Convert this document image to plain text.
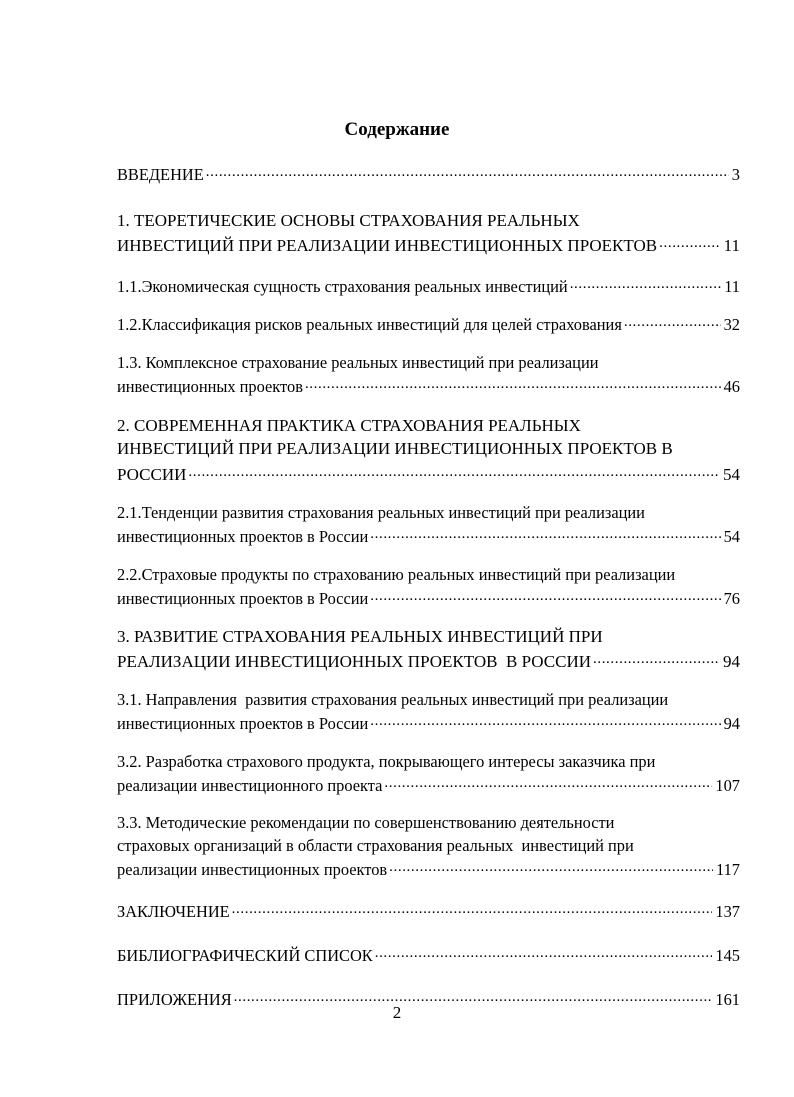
Содержание
ВВЕДЕНИЕ .....	3
1. ТЕОРЕТИЧЕСКИЕ ОСНОВЫ СТРАХОВАНИЯ РЕАЛЬНЫХ
ИНВЕСТИЦИЙ ПРИ РЕАЛИЗАЦИИ ИНВЕСТИЦИОННЫХ ПРОЕКТОВ .....	11
1.1.Экономическая сущность страхования реальных инвестиций .....	11
1.2.Классификация рисков реальных инвестиций для целей страхования .....	32
1.3. Комплексное страхование реальных инвестиций при реализации
инвестиционных проектов .....	46
2. СОВРЕМЕННАЯ ПРАКТИКА СТРАХОВАНИЯ РЕАЛЬНЫХ
ИНВЕСТИЦИЙ ПРИ РЕАЛИЗАЦИИ ИНВЕСТИЦИОННЫХ ПРОЕКТОВ В
РОССИИ .....	54
2.1.Тенденции развития страхования реальных инвестиций при реализации
инвестиционных проектов в России .....	54
2.2.Страховые продукты по страхованию реальных инвестиций при реализации
инвестиционных проектов в России .....	76
3. РАЗВИТИЕ СТРАХОВАНИЯ РЕАЛЬНЫХ ИНВЕСТИЦИЙ ПРИ
РЕАЛИЗАЦИИ ИНВЕСТИЦИОННЫХ ПРОЕКТОВ  В РОССИИ .....	94
3.1. Направления  развития страхования реальных инвестиций при реализации
инвестиционных проектов в России .....	94
3.2. Разработка страхового продукта, покрывающего интересы заказчика при
реализации инвестиционного проекта .....	107
3.3. Методические рекомендации по совершенствованию деятельности
страховых организаций в области страхования реальных  инвестиций при
реализации инвестиционных проектов .....	117
ЗАКЛЮЧЕНИЕ .....	137
БИБЛИОГРАФИЧЕСКИЙ СПИСОК .....	145
ПРИЛОЖЕНИЯ .....	161
2
